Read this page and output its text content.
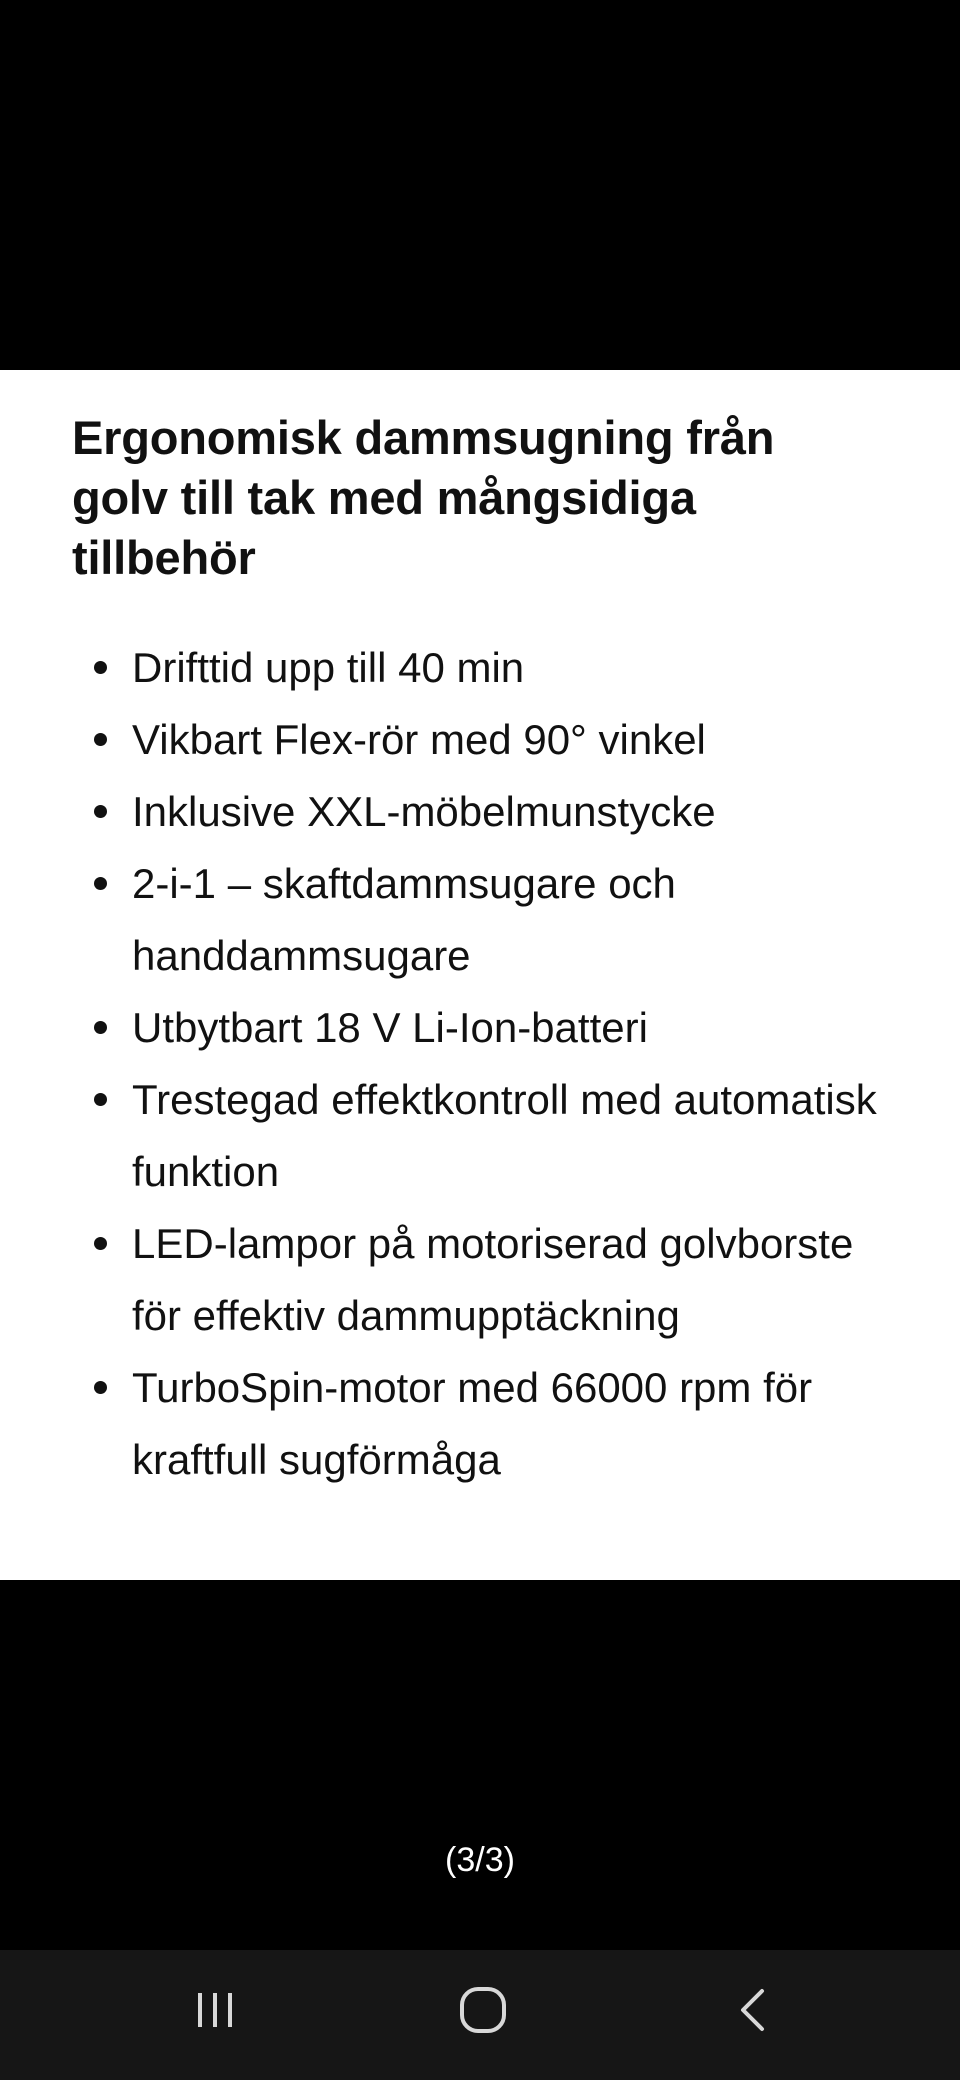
Ergonomisk dammsugning från golv till tak med mångsidiga tillbehör
Drifttid upp till 40 min
Vikbart Flex-rör med 90° vinkel
Inklusive XXL-möbelmunstycke
2-i-1 – skaftdammsugare och handdammsugare
Utbytbart 18 V Li-Ion-batteri
Trestegad effektkontroll med automatisk funktion
LED-lampor på motoriserad golvborste för effektiv dammupptäckning
TurboSpin-motor med 66000 rpm för kraftfull sugförmåga
(3/3)
